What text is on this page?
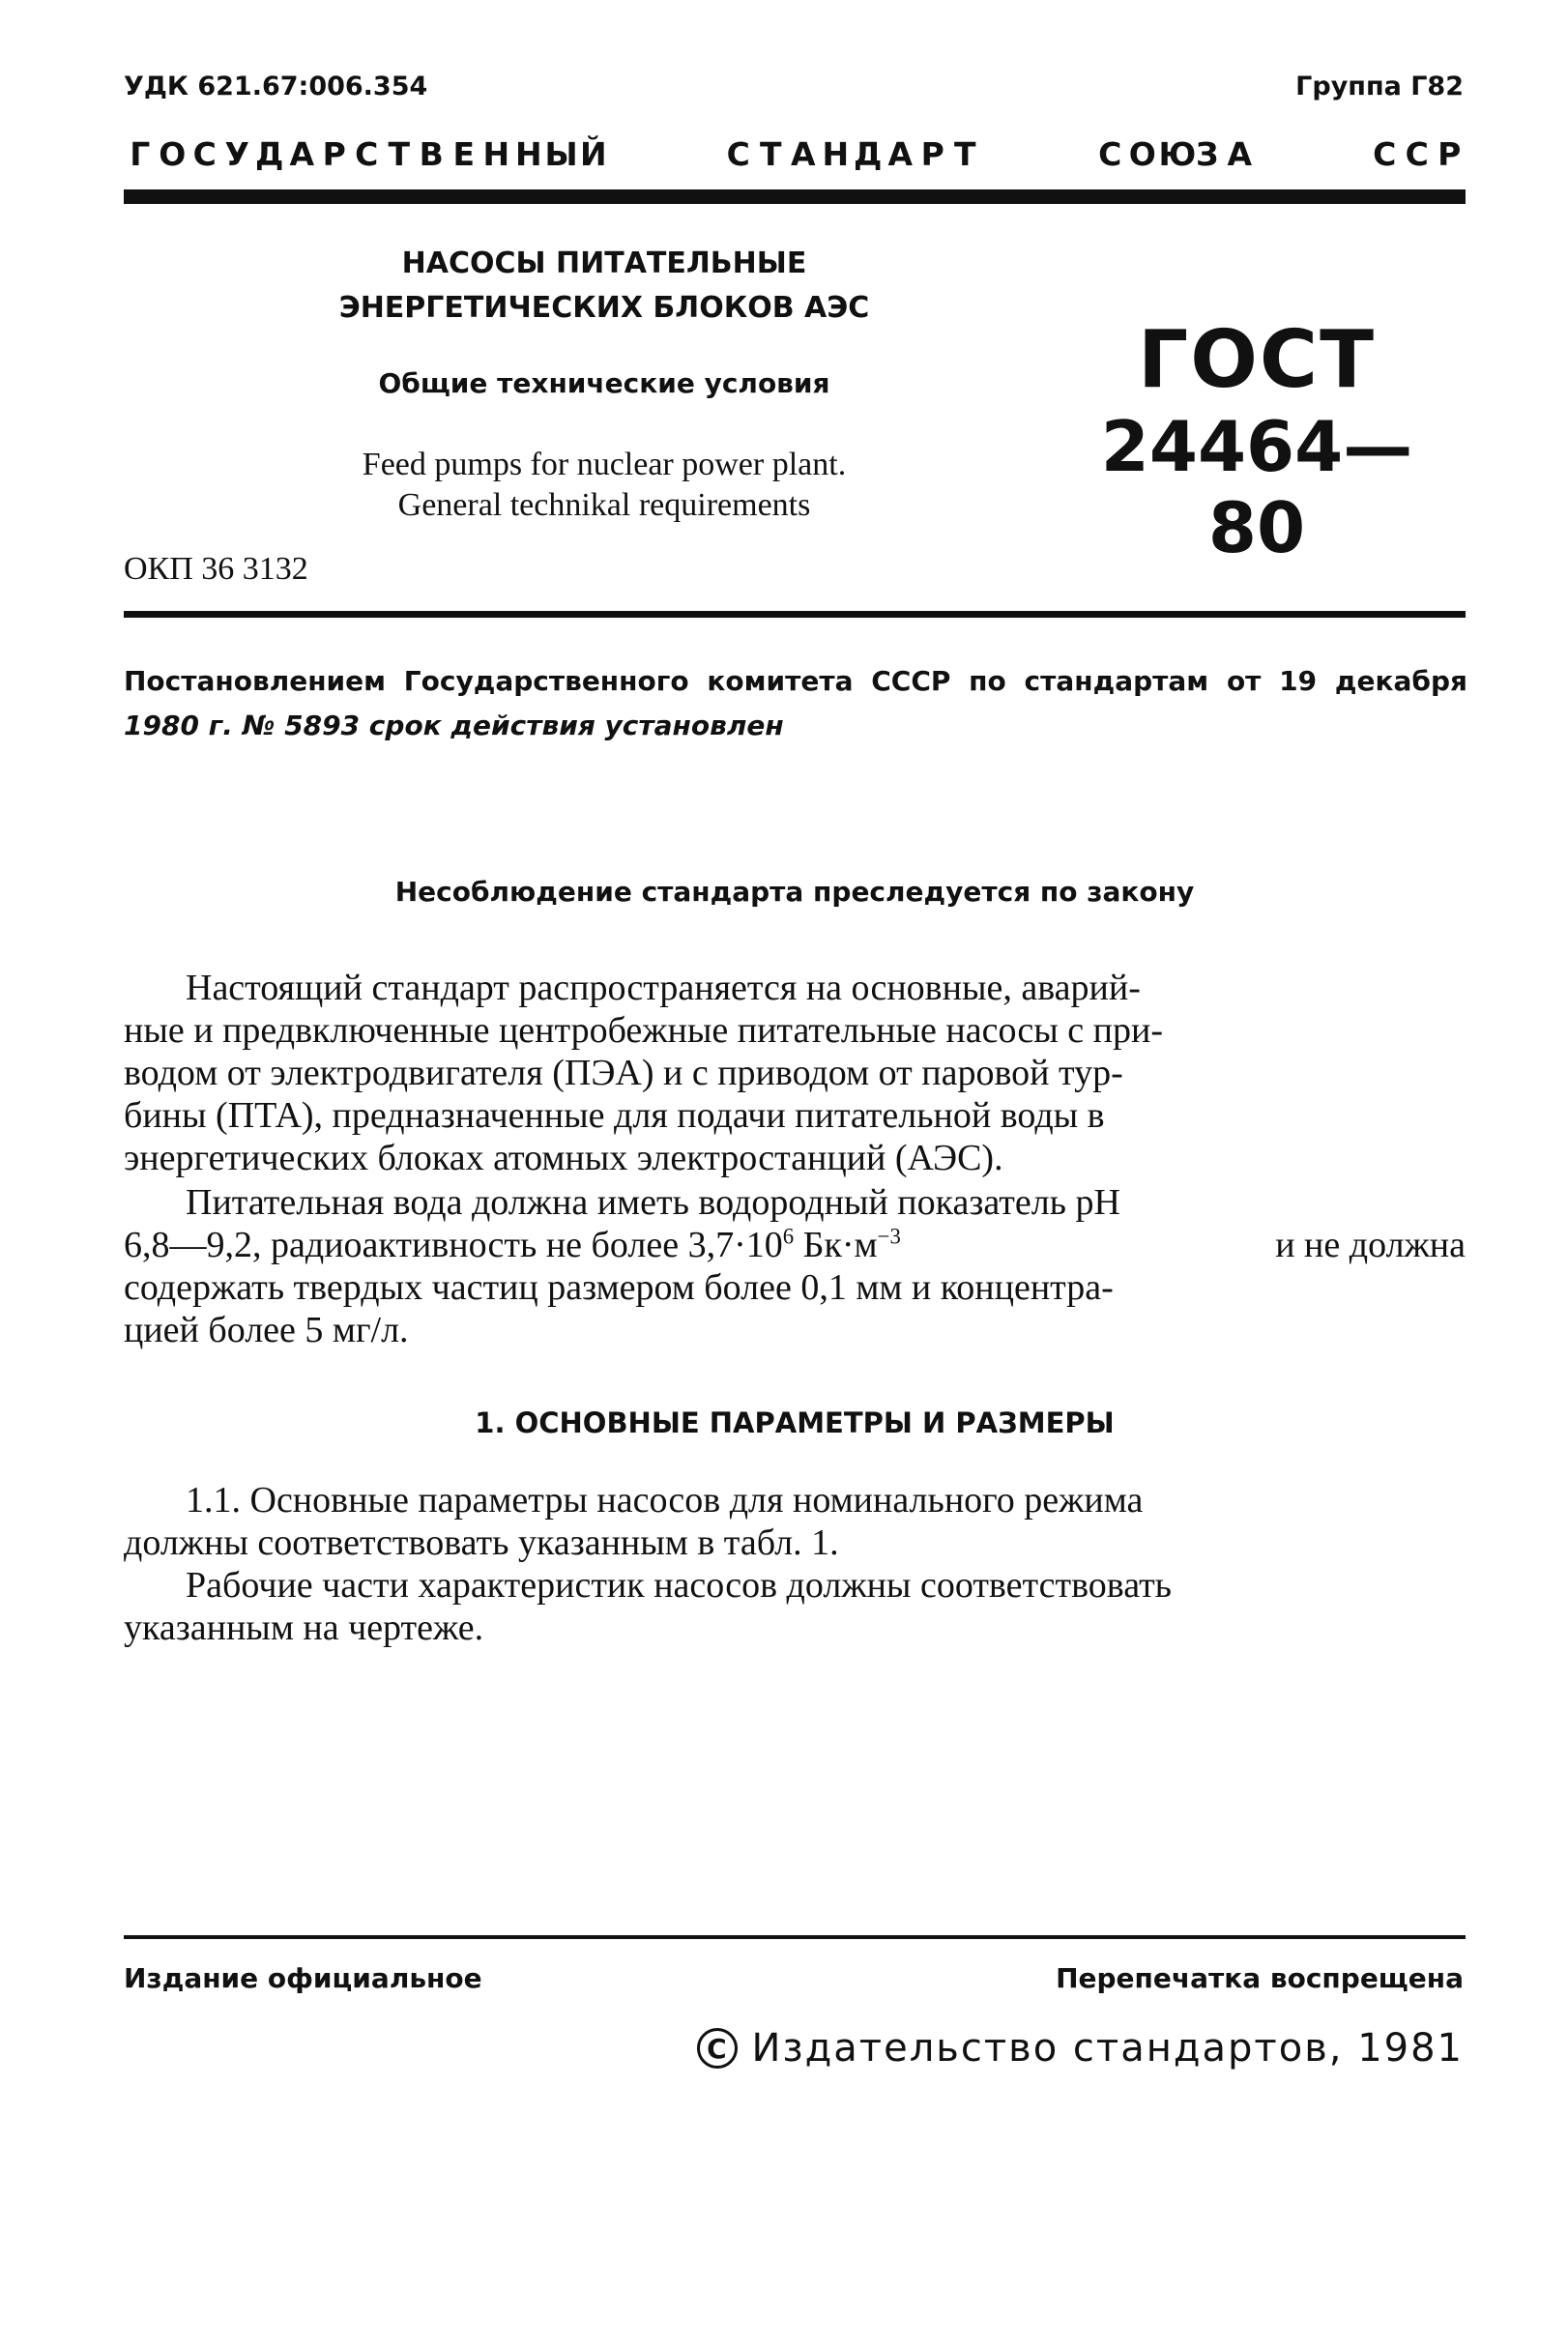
УДК 621.67:006.354	Группа Г82
Г О С У Д А Р С Т В Е Н Н Ы Й	С Т А Н Д А Р Т	С О Ю З А	С С Р
НАСОСЫ ПИТАТЕЛЬНЫЕ
ЭНЕРГЕТИЧЕСКИХ БЛОКОВ АЭС
Общие технические условия
Feed pumps for nuclear power plant.
General technikal requirements
ГОСТ
24464—80
ОКП 36 3132
Постановлением Государственного комитета СССР по стандартам от 19 декабря
1980 г. № 5893 срок действия установлен
Несоблюдение стандарта преследуется по закону
Настоящий стандарт распространяется на основные, аварий-
ные и предвключенные центробежные питательные насосы с при-
водом от электродвигателя (ПЭА) и с приводом от паровой тур-
бины (ПТА), предназначенные для подачи питательной воды в
энергетических блоках атомных электростанций (АЭС).
Питательная вода должна иметь водородный показатель pH
6,8—9,2, радиоактивность не более $3,7\cdot 10^6$ $Бк\cdot м^{-3}$	и не должна
содержать твердых частиц размером более 0,1 мм и концентра-
цией более 5 мг/л.
1. ОСНОВНЫЕ ПАРАМЕТРЫ И РАЗМЕРЫ
1.1. Основные параметры насосов для номинального режима
должны соответствовать указанным в табл. 1.
Рабочие части характеристик насосов должны соответствовать
указанным на чертеже.
Издание официальное	Перепечатка воспрещена
C Издательство стандартов, 1981
